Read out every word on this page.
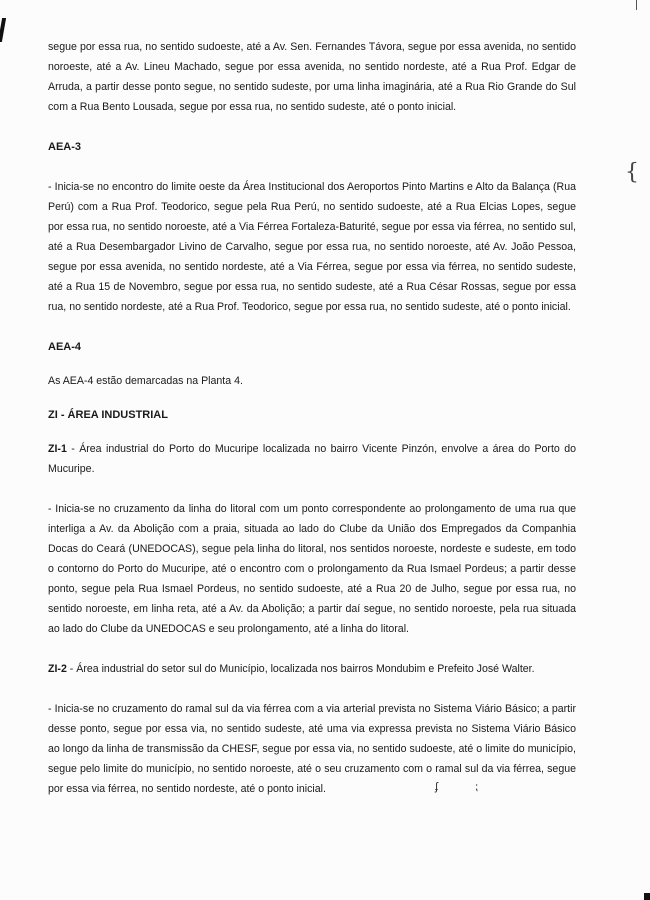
{
ʄ            ⁏

segue por essa rua, no sentido sudoeste, até a Av. Sen. Fernandes Távora, segue por essa avenida, no sentido noroeste, até a Av. Lineu Machado, segue por essa avenida, no sentido nordeste, até a Rua Prof. Edgar de Arruda, a partir desse ponto segue, no sentido sudeste, por uma linha imaginária, até a Rua Rio Grande do Sul com a Rua Bento Lousada, segue por essa rua, no sentido sudeste, até o ponto inicial.

AEA-3

- Inicia-se no encontro do limite oeste da Área Institucional dos Aeroportos Pinto Martins e Alto da Balança (Rua Perú) com a Rua Prof. Teodorico, segue pela Rua Perú, no sentido sudoeste, até a Rua Elcias Lopes, segue por essa rua, no sentido noroeste, até a Via Férrea Fortaleza-Baturité, segue por essa via férrea, no sentido sul, até a Rua Desembargador Livino de Carvalho, segue por essa rua, no sentido noroeste, até Av. João Pessoa, segue por essa avenida, no sentido nordeste, até a Via Férrea, segue por essa via férrea, no sentido sudeste, até a Rua 15 de Novembro, segue por essa rua, no sentido sudeste, até a Rua César Rossas, segue por essa rua, no sentido nordeste, até a Rua Prof. Teodorico, segue por essa rua, no sentido sudeste, até o ponto inicial.

AEA-4

As AEA-4 estão demarcadas na Planta 4.

ZI - ÁREA INDUSTRIAL

ZI-1 - Área industrial do Porto do Mucuripe localizada no bairro Vicente Pinzón, envolve a área do Porto do Mucuripe.

- Inicia-se no cruzamento da linha do litoral com um ponto correspondente ao prolongamento de uma rua que interliga a Av. da Abolição com a praia, situada ao lado do Clube da União dos Empregados da Companhia Docas do Ceará (UNEDOCAS), segue pela linha do litoral, nos sentidos noroeste, nordeste e sudeste, em todo o contorno do Porto do Mucuripe, até o encontro com o prolongamento da Rua Ismael Pordeus; a partir desse ponto, segue pela Rua Ismael Pordeus, no sentido sudoeste, até a Rua 20 de Julho, segue por essa rua, no sentido noroeste, em linha reta, até a Av. da Abolição; a partir daí segue, no sentido noroeste, pela rua situada ao lado do Clube da UNEDOCAS e seu prolongamento, até a linha do litoral.

ZI-2 - Área industrial do setor sul do Município, localizada nos bairros Mondubim e Prefeito José Walter.

- Inicia-se no cruzamento do ramal sul da via férrea com a via arterial prevista no Sistema Viário Básico; a partir desse ponto, segue por essa via, no sentido sudeste, até uma via expressa prevista no Sistema Viário Básico ao longo da linha de transmissão da CHESF, segue por essa via, no sentido sudoeste, até o limite do município, segue pelo limite do município, no sentido noroeste, até o seu cruzamento com o ramal sul da via férrea, segue por essa via férrea, no sentido nordeste, até o ponto inicial.
